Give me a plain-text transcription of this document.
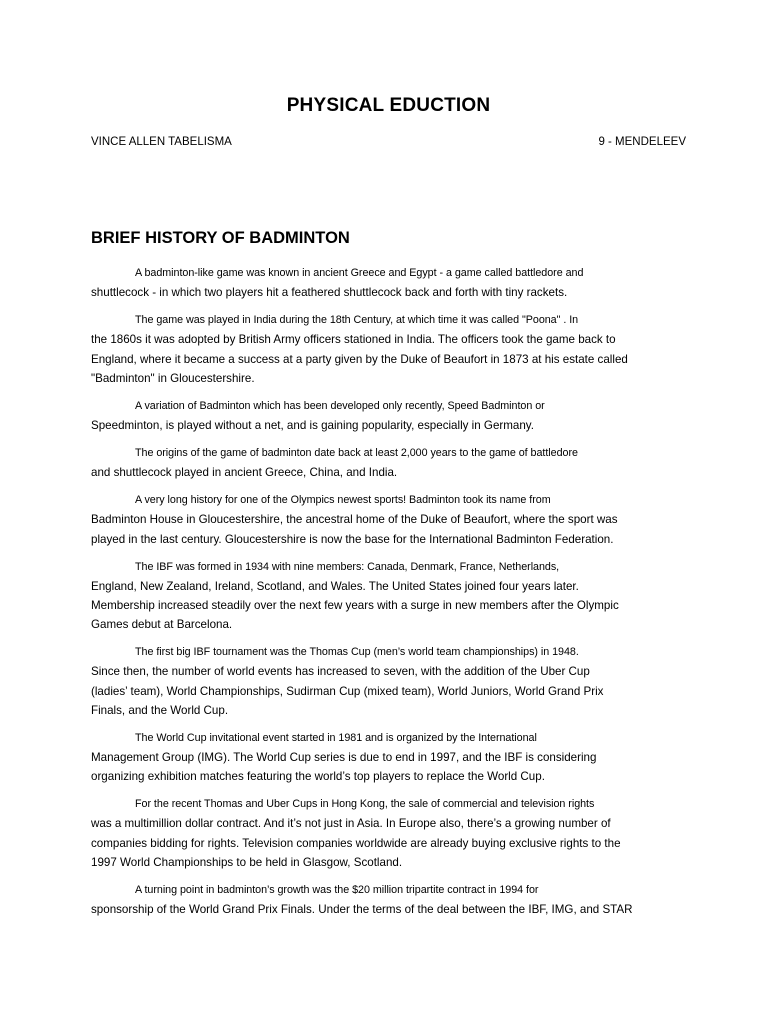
PHYSICAL EDUCTION
VINCE ALLEN TABELISMA	9 - MENDELEEV
BRIEF HISTORY OF BADMINTON

A badminton-like game was known in ancient Greece and Egypt - a game called battledore and
shuttlecock - in which two players hit a feathered shuttlecock back and forth with tiny rackets.

The game was played in India during the 18th Century, at which time it was called "Poona" . In
the 1860s it was adopted by British Army officers stationed in India. The officers took the game back to
England, where it became a success at a party given by the Duke of Beaufort in 1873 at his estate called
"Badminton" in Gloucestershire.

A variation of Badminton which has been developed only recently, Speed Badminton or
Speedminton, is played without a net, and is gaining popularity, especially in Germany.

The origins of the game of badminton date back at least 2,000 years to the game of battledore
and shuttlecock played in ancient Greece, China, and India.

A very long history for one of the Olympics newest sports! Badminton took its name from
Badminton House in Gloucestershire, the ancestral home of the Duke of Beaufort, where the sport was
played in the last century. Gloucestershire is now the base for the International Badminton Federation.

The IBF was formed in 1934 with nine members: Canada, Denmark, France, Netherlands,
England, New Zealand, Ireland, Scotland, and Wales. The United States joined four years later.
Membership increased steadily over the next few years with a surge in new members after the Olympic
Games debut at Barcelona.

The first big IBF tournament was the Thomas Cup (men’s world team championships) in 1948.
Since then, the number of world events has increased to seven, with the addition of the Uber Cup
(ladies’ team), World Championships, Sudirman Cup (mixed team), World Juniors, World Grand Prix
Finals, and the World Cup.

The World Cup invitational event started in 1981 and is organized by the International
Management Group (IMG). The World Cup series is due to end in 1997, and the IBF is considering
organizing exhibition matches featuring the world’s top players to replace the World Cup.

For the recent Thomas and Uber Cups in Hong Kong, the sale of commercial and television rights
was a multimillion dollar contract. And it’s not just in Asia. In Europe also, there’s a growing number of
companies bidding for rights. Television companies worldwide are already buying exclusive rights to the
1997 World Championships to be held in Glasgow, Scotland.

A turning point in badminton’s growth was the $20 million tripartite contract in 1994 for
sponsorship of the World Grand Prix Finals. Under the terms of the deal between the IBF, IMG, and STAR
